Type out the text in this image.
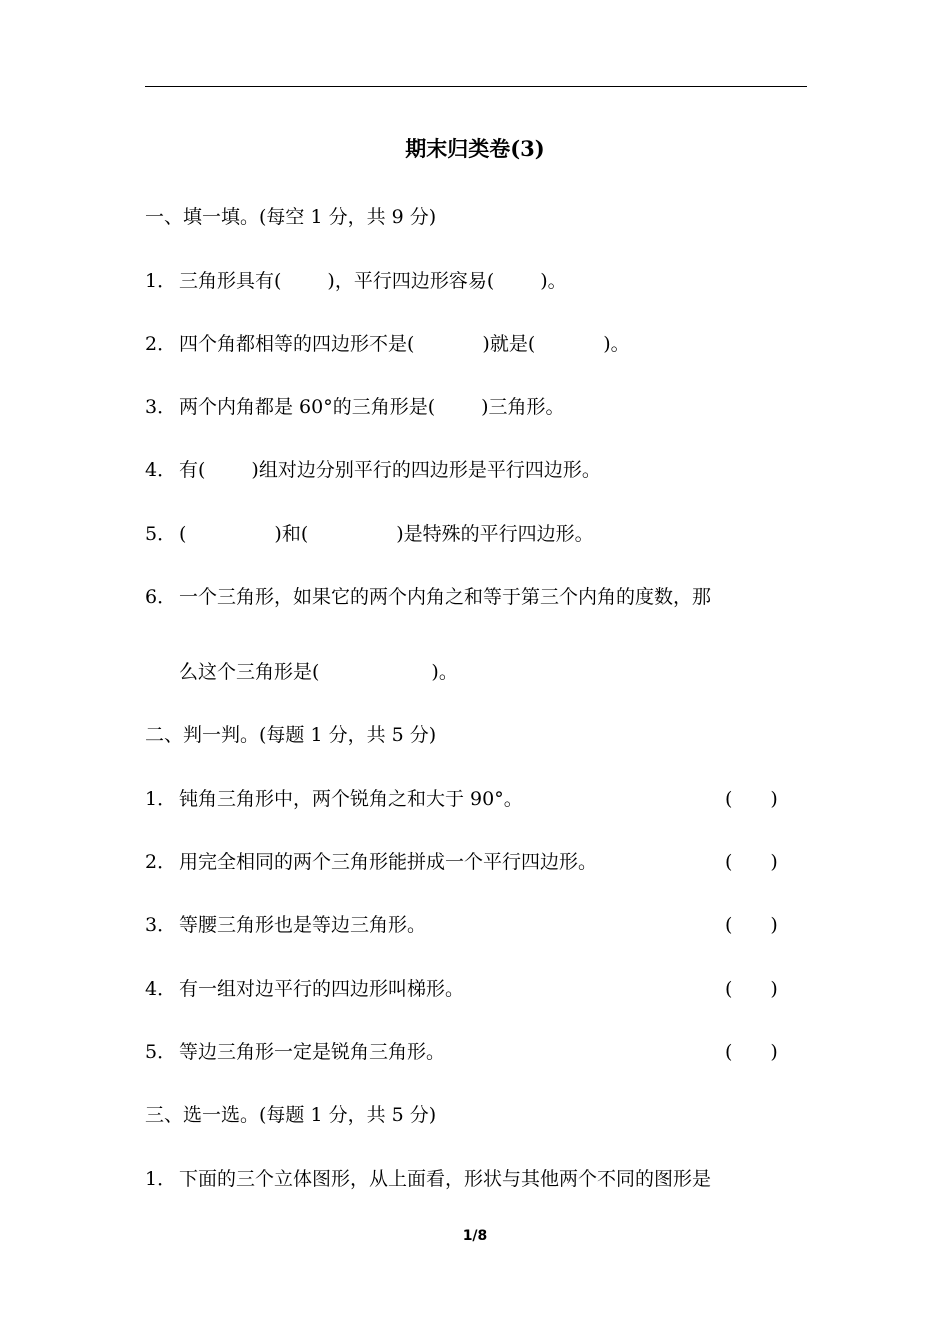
期末归类卷(3)
一、填一填。(每空 1 分，共 9 分)
1． 三角形具有( )，平行四边形容易( )。
2． 四个角都相等的四边形不是(	)就是(	)。
3． 两个内角都是 60°的三角形是( )三角形。
4． 有( )组对边分别平行的四边形是平行四边形。
5． (	)和(	)是特殊的平行四边形。
6． 一个三角形，如果它的两个内角之和等于第三个内角的度数，那
么这个三角形是(	)。
二、判一判。(每题 1 分，共 5 分)
1． 钝角三角形中，两个锐角之和大于 90°。	(　　)
2． 用完全相同的两个三角形能拼成一个平行四边形。	(　　)
3． 等腰三角形也是等边三角形。	(　　)
4． 有一组对边平行的四边形叫梯形。	(　　)
5． 等边三角形一定是锐角三角形。	(　　)
三、选一选。(每题 1 分，共 5 分)
1． 下面的三个立体图形，从上面看，形状与其他两个不同的图形是
1/8
